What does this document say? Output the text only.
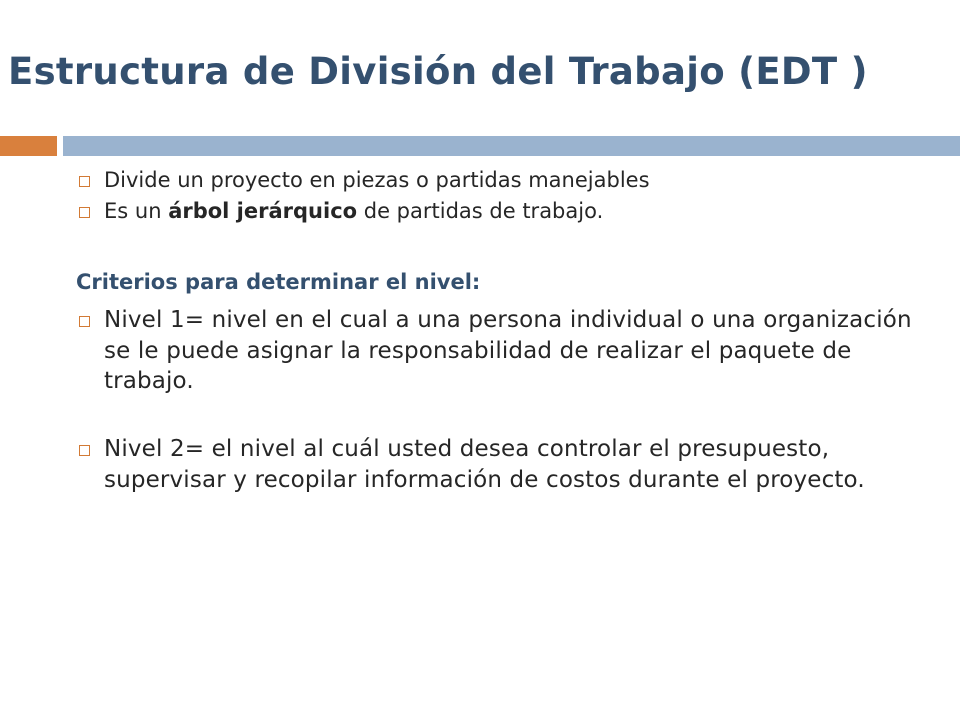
Estructura de División del Trabajo (EDT )

Divide un proyecto en piezas o partidas manejables

Es un árbol jerárquico de partidas de trabajo.

Criterios para determinar el nivel:

Nivel 1= nivel en el cual a una persona individual o una organización se le puede asignar la responsabilidad de realizar el paquete de trabajo.

Nivel 2= el nivel al cuál usted desea controlar el presupuesto, supervisar y recopilar información de costos durante el proyecto.
